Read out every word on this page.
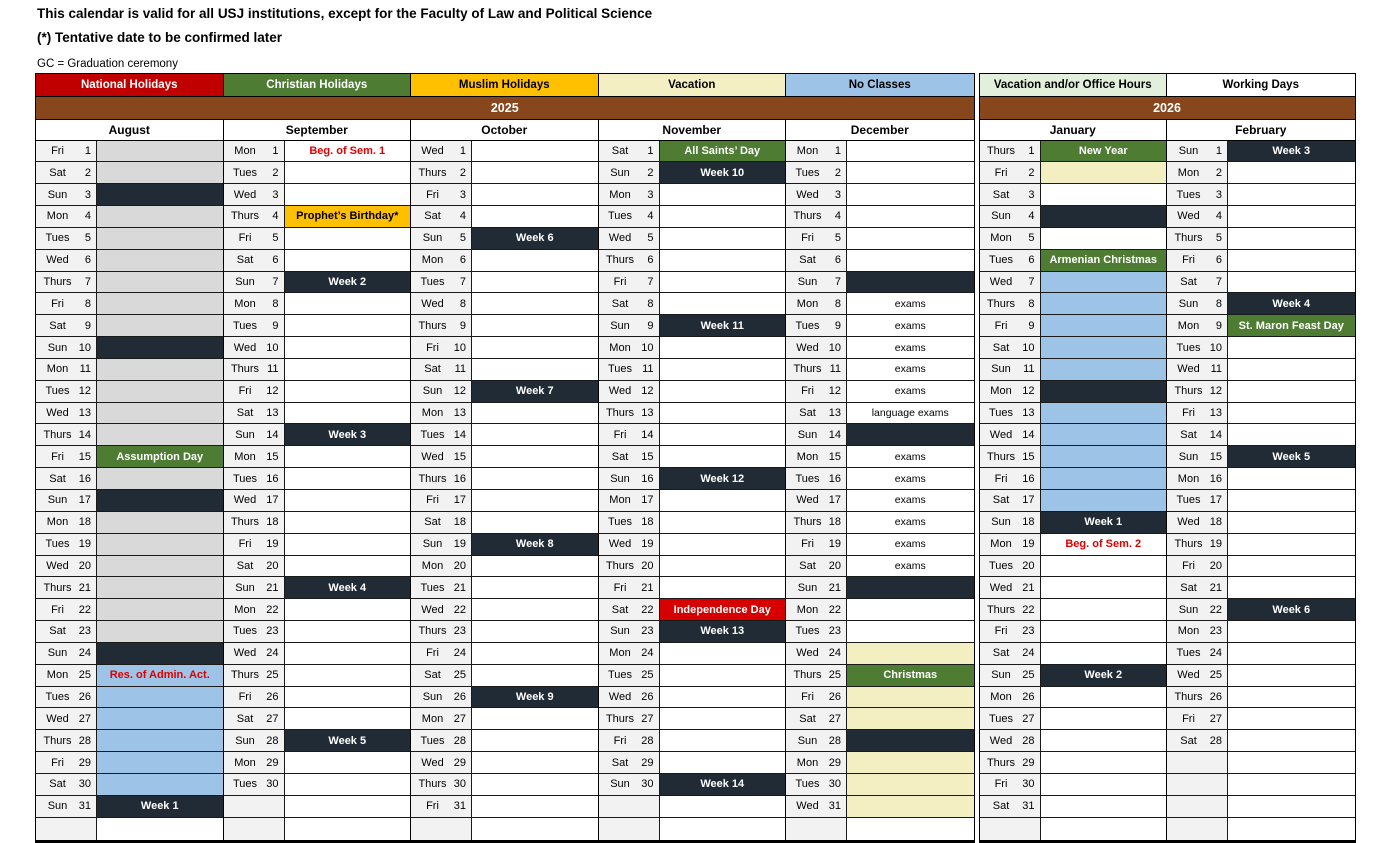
This calendar is valid for all USJ institutions, except for the Faculty of Law and Political Science
(*) Tentative date to be confirmed later
GC = Graduation ceremony
National Holidays	Christian Holidays	Muslim Holidays	Vacation	No Classes
2025
August
Fri	1
Sat	2
Sun	3
Mon	4
Tues	5
Wed	6
Thurs	7
Fri	8
Sat	9
Sun	10
Mon	11
Tues 12
Wed 13
Thurs 14
Fri	15 Assumption Day
Sat	16
Sun	17
Mon 18
Tues 19
Wed 20
Thurs 21
Fri	22
Sat	23
Sun	24
Mon 25 Res. of Admin. Act.
Tues 26
Wed 27
Thurs 28
Fri	29
Sat	30
Sun	31	Week 1
September
Mon	1	Beg. of Sem. 1
Tues	2
Wed	3
Thurs	4 Prophet’s Birthday*
Fri	5
Sat	6
Sun	7	Week 2
Mon	8
Tues	9
Wed 10
Thurs 11
Fri	12
Sat	13
Sun	14	Week 3
Mon 15
Tues 16
Wed 17
Thurs 18
Fri	19
Sat	20
Sun	21	Week 4
Mon 22
Tues 23
Wed 24
Thurs 25
Fri	26
Sat	27
Sun	28	Week 5
Mon 29
Tues 30
October
Wed	1
Thurs	2
Fri	3
Sat	4
Sun	5	Week 6
Mon	6
Tues	7
Wed	8
Thurs	9
Fri	10
Sat	11
Sun	12	Week 7
Mon 13
Tues 14
Wed 15
Thurs 16
Fri	17
Sat	18
Sun	19	Week 8
Mon 20
Tues 21
Wed 22
Thurs 23
Fri	24
Sat	25
Sun	26	Week 9
Mon 27
Tues 28
Wed 29
Thurs 30
Fri	31
November
Sat	1	All Saints’ Day
Sun	2	Week 10
Mon	3
Tues	4
Wed	5
Thurs	6
Fri	7
Sat	8
Sun	9	Week 11
Mon 10
Tues 11
Wed 12
Thurs 13
Fri	14
Sat	15
Sun	16	Week 12
Mon 17
Tues 18
Wed 19
Thurs 20
Fri	21
Sat	22 Independence Day
Sun	23	Week 13
Mon 24
Tues 25
Wed 26
Thurs 27
Fri	28
Sat	29
Sun	30	Week 14
December
Mon	1
Tues	2
Wed	3
Thurs	4
Fri	5
Sat	6
Sun	7
Mon	8	exams
Tues	9	exams
Wed 10	exams
Thurs 11	exams
Fri	12	exams
Sat	13	language exams
Sun	14
Mon 15	exams
Tues 16	exams
Wed 17	exams
Thurs 18	exams
Fri	19	exams
Sat	20	exams
Sun	21
Mon 22
Tues 23
Wed 24
Thurs 25	Christmas
Fri	26
Sat	27
Sun	28
Mon 29
Tues 30
Wed 31
Vacation and/or Office Hours	Working Days
2026
January
Thurs	1	New Year
Fri	2
Sat	3
Sun	4
Mon	5
Tues	6 Armenian Christmas
Wed	7
Thurs	8
Fri	9
Sat	10
Sun	11
Mon 12
Tues 13
Wed 14
Thurs 15
Fri	16
Sat	17
Sun	18	Week 1
Mon 19	Beg. of Sem. 2
Tues 20
Wed 21
Thurs 22
Fri	23
Sat	24
Sun	25	Week 2
Mon 26
Tues 27
Wed 28
Thurs 29
Fri	30
Sat	31
February
Sun	1	Week 3
Mon	2
Tues	3
Wed	4
Thurs	5
Fri	6
Sat	7
Sun	8	Week 4
Mon	9 St. Maron Feast Day
Tues 10
Wed 11
Thurs 12
Fri	13
Sat	14
Sun	15	Week 5
Mon 16
Tues 17
Wed 18
Thurs 19
Fri	20
Sat	21
Sun	22	Week 6
Mon 23
Tues 24
Wed 25
Thurs 26
Fri	27
Sat	28
